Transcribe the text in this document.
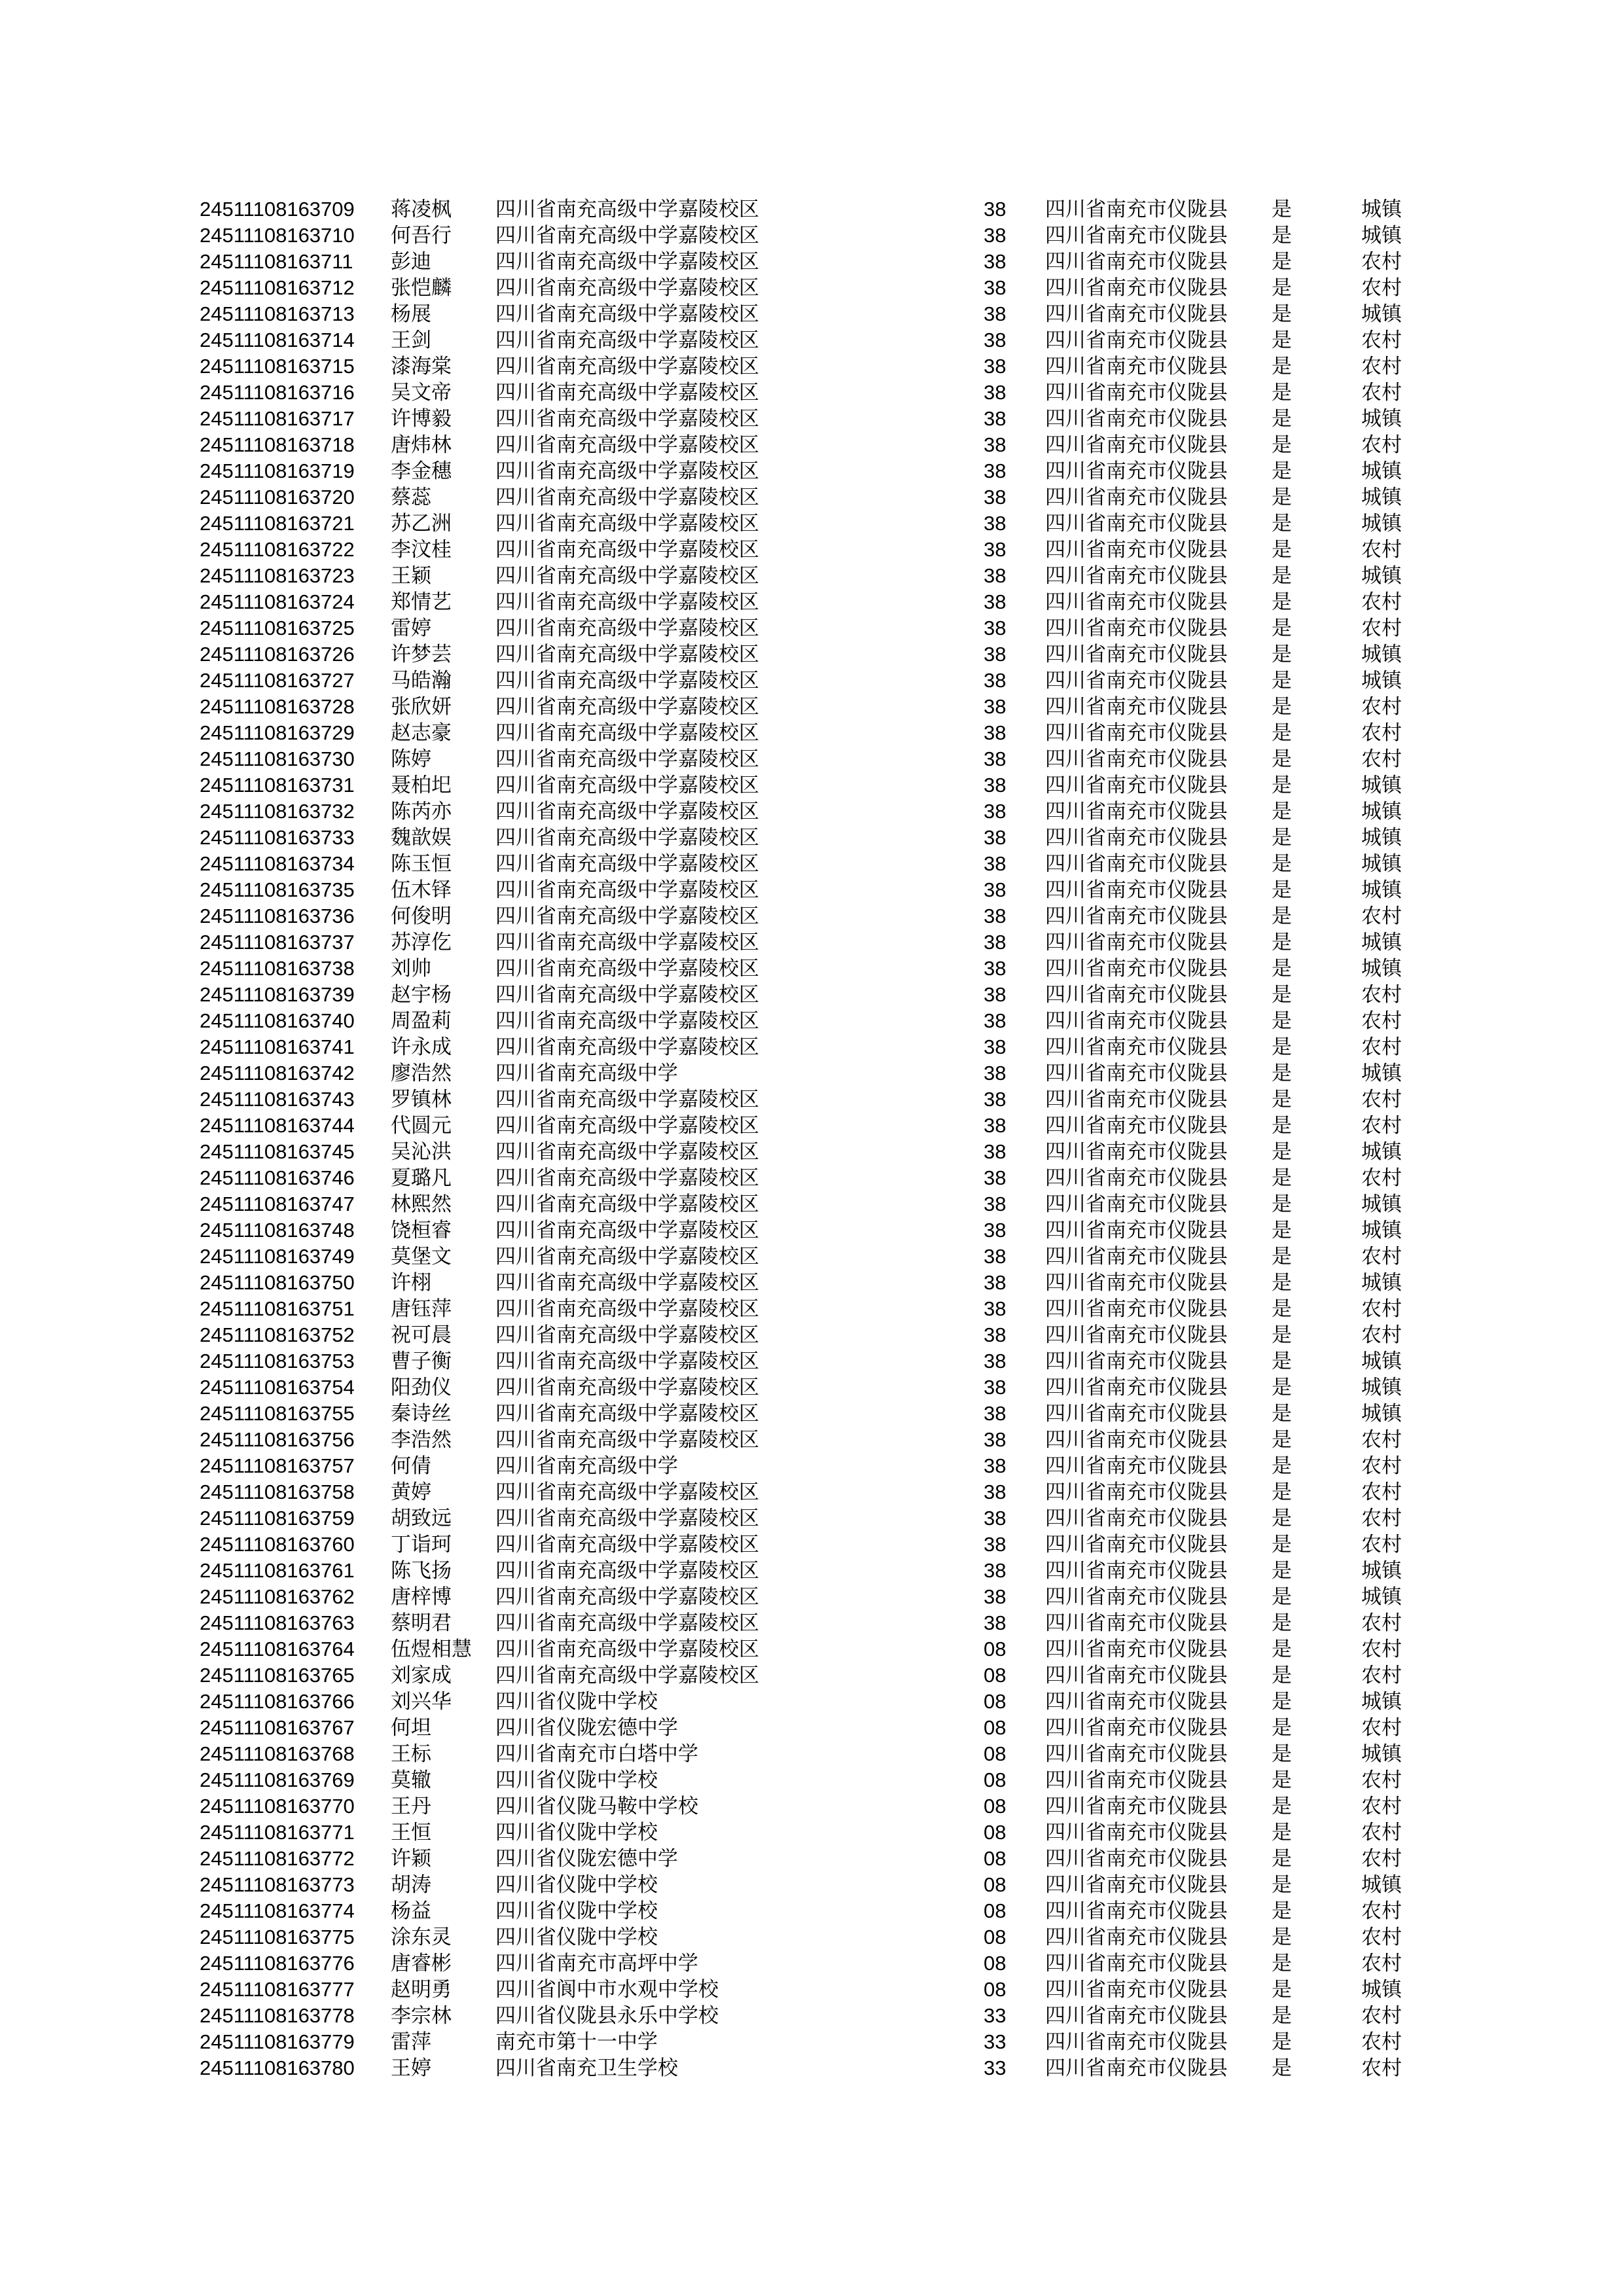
24511108163709 蒋凌枫 四川省南充高级中学嘉陵校区	38 四川省南充市仪陇县 是	城镇
24511108163710 何吾行 四川省南充高级中学嘉陵校区	38 四川省南充市仪陇县 是	城镇
24511108163711 彭迪	四川省南充高级中学嘉陵校区	38 四川省南充市仪陇县 是	农村
24511108163712 张恺麟 四川省南充高级中学嘉陵校区	38 四川省南充市仪陇县 是	农村
24511108163713 杨展	四川省南充高级中学嘉陵校区	38 四川省南充市仪陇县 是	城镇
24511108163714 王剑	四川省南充高级中学嘉陵校区	38 四川省南充市仪陇县 是	农村
24511108163715 漆海棠 四川省南充高级中学嘉陵校区	38 四川省南充市仪陇县 是	农村
24511108163716 吴文帝 四川省南充高级中学嘉陵校区	38 四川省南充市仪陇县 是	农村
24511108163717 许博毅 四川省南充高级中学嘉陵校区	38 四川省南充市仪陇县 是	城镇
24511108163718 唐炜林 四川省南充高级中学嘉陵校区	38 四川省南充市仪陇县 是	农村
24511108163719 李金穗 四川省南充高级中学嘉陵校区	38 四川省南充市仪陇县 是	城镇
24511108163720 蔡蕊	四川省南充高级中学嘉陵校区	38 四川省南充市仪陇县 是	城镇
24511108163721 苏乙洲 四川省南充高级中学嘉陵校区	38 四川省南充市仪陇县 是	城镇
24511108163722 李汶桂 四川省南充高级中学嘉陵校区	38 四川省南充市仪陇县 是	农村
24511108163723 王颖	四川省南充高级中学嘉陵校区	38 四川省南充市仪陇县 是	城镇
24511108163724 郑情艺 四川省南充高级中学嘉陵校区	38 四川省南充市仪陇县 是	农村
24511108163725 雷婷	四川省南充高级中学嘉陵校区	38 四川省南充市仪陇县 是	农村
24511108163726 许梦芸 四川省南充高级中学嘉陵校区	38 四川省南充市仪陇县 是	城镇
24511108163727 马皓瀚 四川省南充高级中学嘉陵校区	38 四川省南充市仪陇县 是	城镇
24511108163728 张欣妍 四川省南充高级中学嘉陵校区	38 四川省南充市仪陇县 是	农村
24511108163729 赵志豪 四川省南充高级中学嘉陵校区	38 四川省南充市仪陇县 是	农村
24511108163730 陈婷	四川省南充高级中学嘉陵校区	38 四川省南充市仪陇县 是	农村
24511108163731 聂柏圯 四川省南充高级中学嘉陵校区	38 四川省南充市仪陇县 是	城镇
24511108163732 陈芮亦 四川省南充高级中学嘉陵校区	38 四川省南充市仪陇县 是	城镇
24511108163733 魏歆娱 四川省南充高级中学嘉陵校区	38 四川省南充市仪陇县 是	城镇
24511108163734 陈玉恒 四川省南充高级中学嘉陵校区	38 四川省南充市仪陇县 是	城镇
24511108163735 伍木铎 四川省南充高级中学嘉陵校区	38 四川省南充市仪陇县 是	城镇
24511108163736 何俊明 四川省南充高级中学嘉陵校区	38 四川省南充市仪陇县 是	农村
24511108163737 苏淳仡 四川省南充高级中学嘉陵校区	38 四川省南充市仪陇县 是	城镇
24511108163738 刘帅	四川省南充高级中学嘉陵校区	38 四川省南充市仪陇县 是	城镇
24511108163739 赵宇杨 四川省南充高级中学嘉陵校区	38 四川省南充市仪陇县 是	农村
24511108163740 周盈莉 四川省南充高级中学嘉陵校区	38 四川省南充市仪陇县 是	农村
24511108163741 许永成 四川省南充高级中学嘉陵校区	38 四川省南充市仪陇县 是	农村
24511108163742 廖浩然 四川省南充高级中学	38 四川省南充市仪陇县 是	城镇
24511108163743 罗镇林 四川省南充高级中学嘉陵校区	38 四川省南充市仪陇县 是	农村
24511108163744 代圆元 四川省南充高级中学嘉陵校区	38 四川省南充市仪陇县 是	农村
24511108163745 吴沁洪 四川省南充高级中学嘉陵校区	38 四川省南充市仪陇县 是	城镇
24511108163746 夏璐凡 四川省南充高级中学嘉陵校区	38 四川省南充市仪陇县 是	农村
24511108163747 林熙然 四川省南充高级中学嘉陵校区	38 四川省南充市仪陇县 是	城镇
24511108163748 饶桓睿 四川省南充高级中学嘉陵校区	38 四川省南充市仪陇县 是	城镇
24511108163749 莫堡文 四川省南充高级中学嘉陵校区	38 四川省南充市仪陇县 是	农村
24511108163750 许栩	四川省南充高级中学嘉陵校区	38 四川省南充市仪陇县 是	城镇
24511108163751 唐钰萍 四川省南充高级中学嘉陵校区	38 四川省南充市仪陇县 是	农村
24511108163752 祝可晨 四川省南充高级中学嘉陵校区	38 四川省南充市仪陇县 是	农村
24511108163753 曹子衡 四川省南充高级中学嘉陵校区	38 四川省南充市仪陇县 是	城镇
24511108163754 阳劲仪 四川省南充高级中学嘉陵校区	38 四川省南充市仪陇县 是	城镇
24511108163755 秦诗丝 四川省南充高级中学嘉陵校区	38 四川省南充市仪陇县 是	城镇
24511108163756 李浩然 四川省南充高级中学嘉陵校区	38 四川省南充市仪陇县 是	农村
24511108163757 何倩	四川省南充高级中学	38 四川省南充市仪陇县 是	农村
24511108163758 黄婷	四川省南充高级中学嘉陵校区	38 四川省南充市仪陇县 是	农村
24511108163759 胡致远 四川省南充高级中学嘉陵校区	38 四川省南充市仪陇县 是	农村
24511108163760 丁诣珂 四川省南充高级中学嘉陵校区	38 四川省南充市仪陇县 是	农村
24511108163761 陈飞扬 四川省南充高级中学嘉陵校区	38 四川省南充市仪陇县 是	城镇
24511108163762 唐梓博 四川省南充高级中学嘉陵校区	38 四川省南充市仪陇县 是	城镇
24511108163763 蔡明君 四川省南充高级中学嘉陵校区	38 四川省南充市仪陇县 是	农村
24511108163764 伍煜相慧 四川省南充高级中学嘉陵校区	08 四川省南充市仪陇县 是	农村
24511108163765 刘家成 四川省南充高级中学嘉陵校区	08 四川省南充市仪陇县 是	农村
24511108163766 刘兴华 四川省仪陇中学校	08 四川省南充市仪陇县 是	城镇
24511108163767 何坦	四川省仪陇宏德中学	08 四川省南充市仪陇县 是	农村
24511108163768 王标	四川省南充市白塔中学	08 四川省南充市仪陇县 是	城镇
24511108163769 莫辙	四川省仪陇中学校	08 四川省南充市仪陇县 是	农村
24511108163770 王丹	四川省仪陇马鞍中学校	08 四川省南充市仪陇县 是	农村
24511108163771 王恒	四川省仪陇中学校	08 四川省南充市仪陇县 是	农村
24511108163772 许颖	四川省仪陇宏德中学	08 四川省南充市仪陇县 是	农村
24511108163773 胡涛	四川省仪陇中学校	08 四川省南充市仪陇县 是	城镇
24511108163774 杨益	四川省仪陇中学校	08 四川省南充市仪陇县 是	农村
24511108163775 涂东灵 四川省仪陇中学校	08 四川省南充市仪陇县 是	农村
24511108163776 唐睿彬 四川省南充市高坪中学	08 四川省南充市仪陇县 是	农村
24511108163777 赵明勇 四川省阆中市水观中学校	08 四川省南充市仪陇县 是	城镇
24511108163778 李宗林 四川省仪陇县永乐中学校	33 四川省南充市仪陇县 是	农村
24511108163779 雷萍	南充市第十一中学	33 四川省南充市仪陇县 是	农村
24511108163780 王婷	四川省南充卫生学校	33 四川省南充市仪陇县 是	农村
